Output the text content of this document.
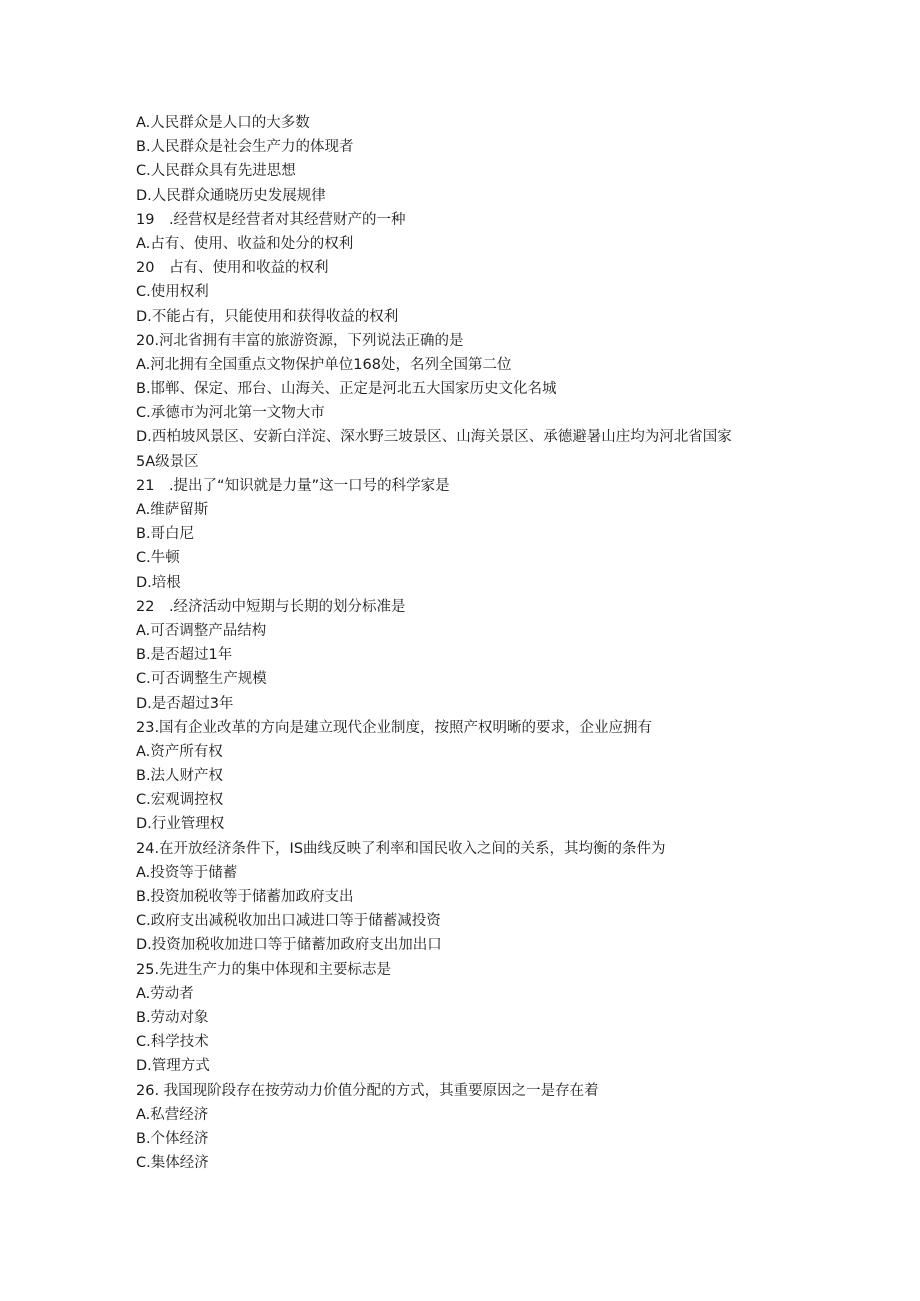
A.人民群众是人口的大多数
B.人民群众是社会生产力的体现者
C.人民群众具有先进思想
D.人民群众通晓历史发展规律
19　.经营权是经营者对其经营财产的一种
A.占有、使用、收益和处分的权利
20　占有、使用和收益的权利
C.使用权利
D.不能占有，只能使用和获得收益的权利
20.河北省拥有丰富的旅游资源，下列说法正确的是
A.河北拥有全国重点文物保护单位168处，名列全国第二位
B.邯郸、保定、邢台、山海关、正定是河北五大国家历史文化名城
C.承德市为河北第一文物大市
D.西柏坡风景区、安新白洋淀、深水野三坡景区、山海关景区、承德避暑山庄均为河北省国家
5A级景区
21　.提出了“知识就是力量”这一口号的科学家是
A.维萨留斯
B.哥白尼
C.牛顿
D.培根
22　.经济活动中短期与长期的划分标准是
A.可否调整产品结构
B.是否超过1年
C.可否调整生产规模
D.是否超过3年
23.国有企业改革的方向是建立现代企业制度，按照产权明晰的要求，企业应拥有
A.资产所有权
B.法人财产权
C.宏观调控权
D.行业管理权
24.在开放经济条件下，IS曲线反映了利率和国民收入之间的关系，其均衡的条件为
A.投资等于储蓄
B.投资加税收等于储蓄加政府支出
C.政府支出减税收加出口减进口等于储蓄减投资
D.投资加税收加进口等于储蓄加政府支出加出口
25.先进生产力的集中体现和主要标志是
A.劳动者
B.劳动对象
C.科学技术
D.管理方式
26. 我国现阶段存在按劳动力价值分配的方式，其重要原因之一是存在着
A.私营经济
B.个体经济
C.集体经济
